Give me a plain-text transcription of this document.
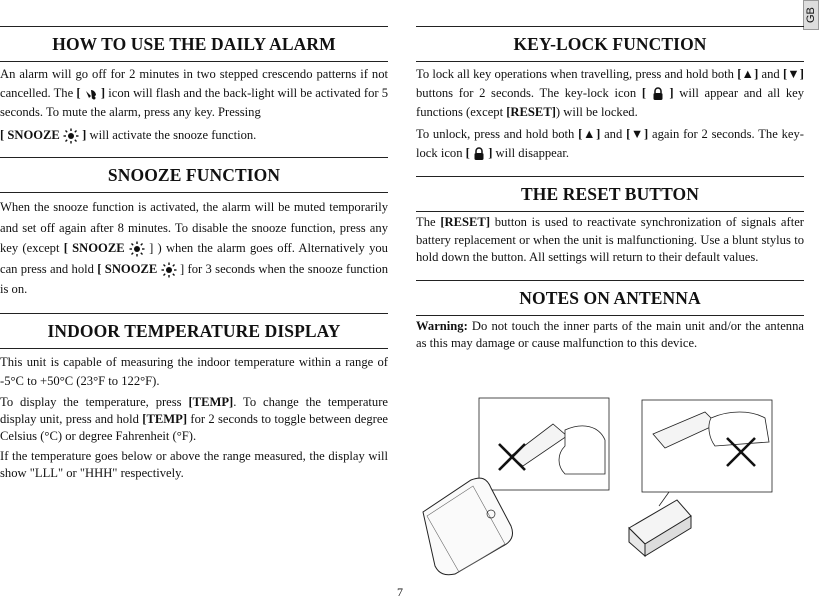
GB
HOW TO USE THE DAILY ALARM

An alarm will go off for 2 minutes in two stepped crescendo patterns if not cancelled. The [ ] icon will flash and the back-light will be activated for 5 seconds. To mute the alarm, press any key. Pressing

[ SNOOZE ] will activate the snooze function.

SNOOZE FUNCTION

When the snooze function is activated, the alarm will be muted temporarily and set off again after 8 minutes. To disable the snooze function, press any key (except [ SNOOZE ] ) when the alarm goes off. Alternatively you can press and hold [ SNOOZE ] for 3 seconds when the snooze function is on.

INDOOR TEMPERATURE DISPLAY

This unit is capable of measuring the indoor temperature within a range of -5°C to +50°C (23°F to 122°F).

To display the temperature, press [TEMP]. To change the temperature display unit, press and hold [TEMP] for 2 seconds to toggle between degree Celsius (°C) or degree Fahrenheit (°F).

If the temperature goes below or above the range measured, the display will show "LLL" or "HHH" respectively.

KEY-LOCK FUNCTION

To lock all key operations when travelling, press and hold both [▲] and [▼] buttons for 2 seconds. The key-lock icon [ ] will appear and all key functions (except [RESET]) will be locked.

To unlock, press and hold both [▲] and [▼] again for 2 seconds. The key-lock icon [ ] will disappear.

THE RESET BUTTON

The [RESET] button is used to reactivate synchronization of signals after battery replacement or when the unit is malfunctioning. Use a blunt stylus to hold down the button. All settings will return to their default values.

NOTES ON ANTENNA

Warning: Do not touch the inner parts of the main unit and/or the antenna as this may damage or cause malfunction to this device.

7
